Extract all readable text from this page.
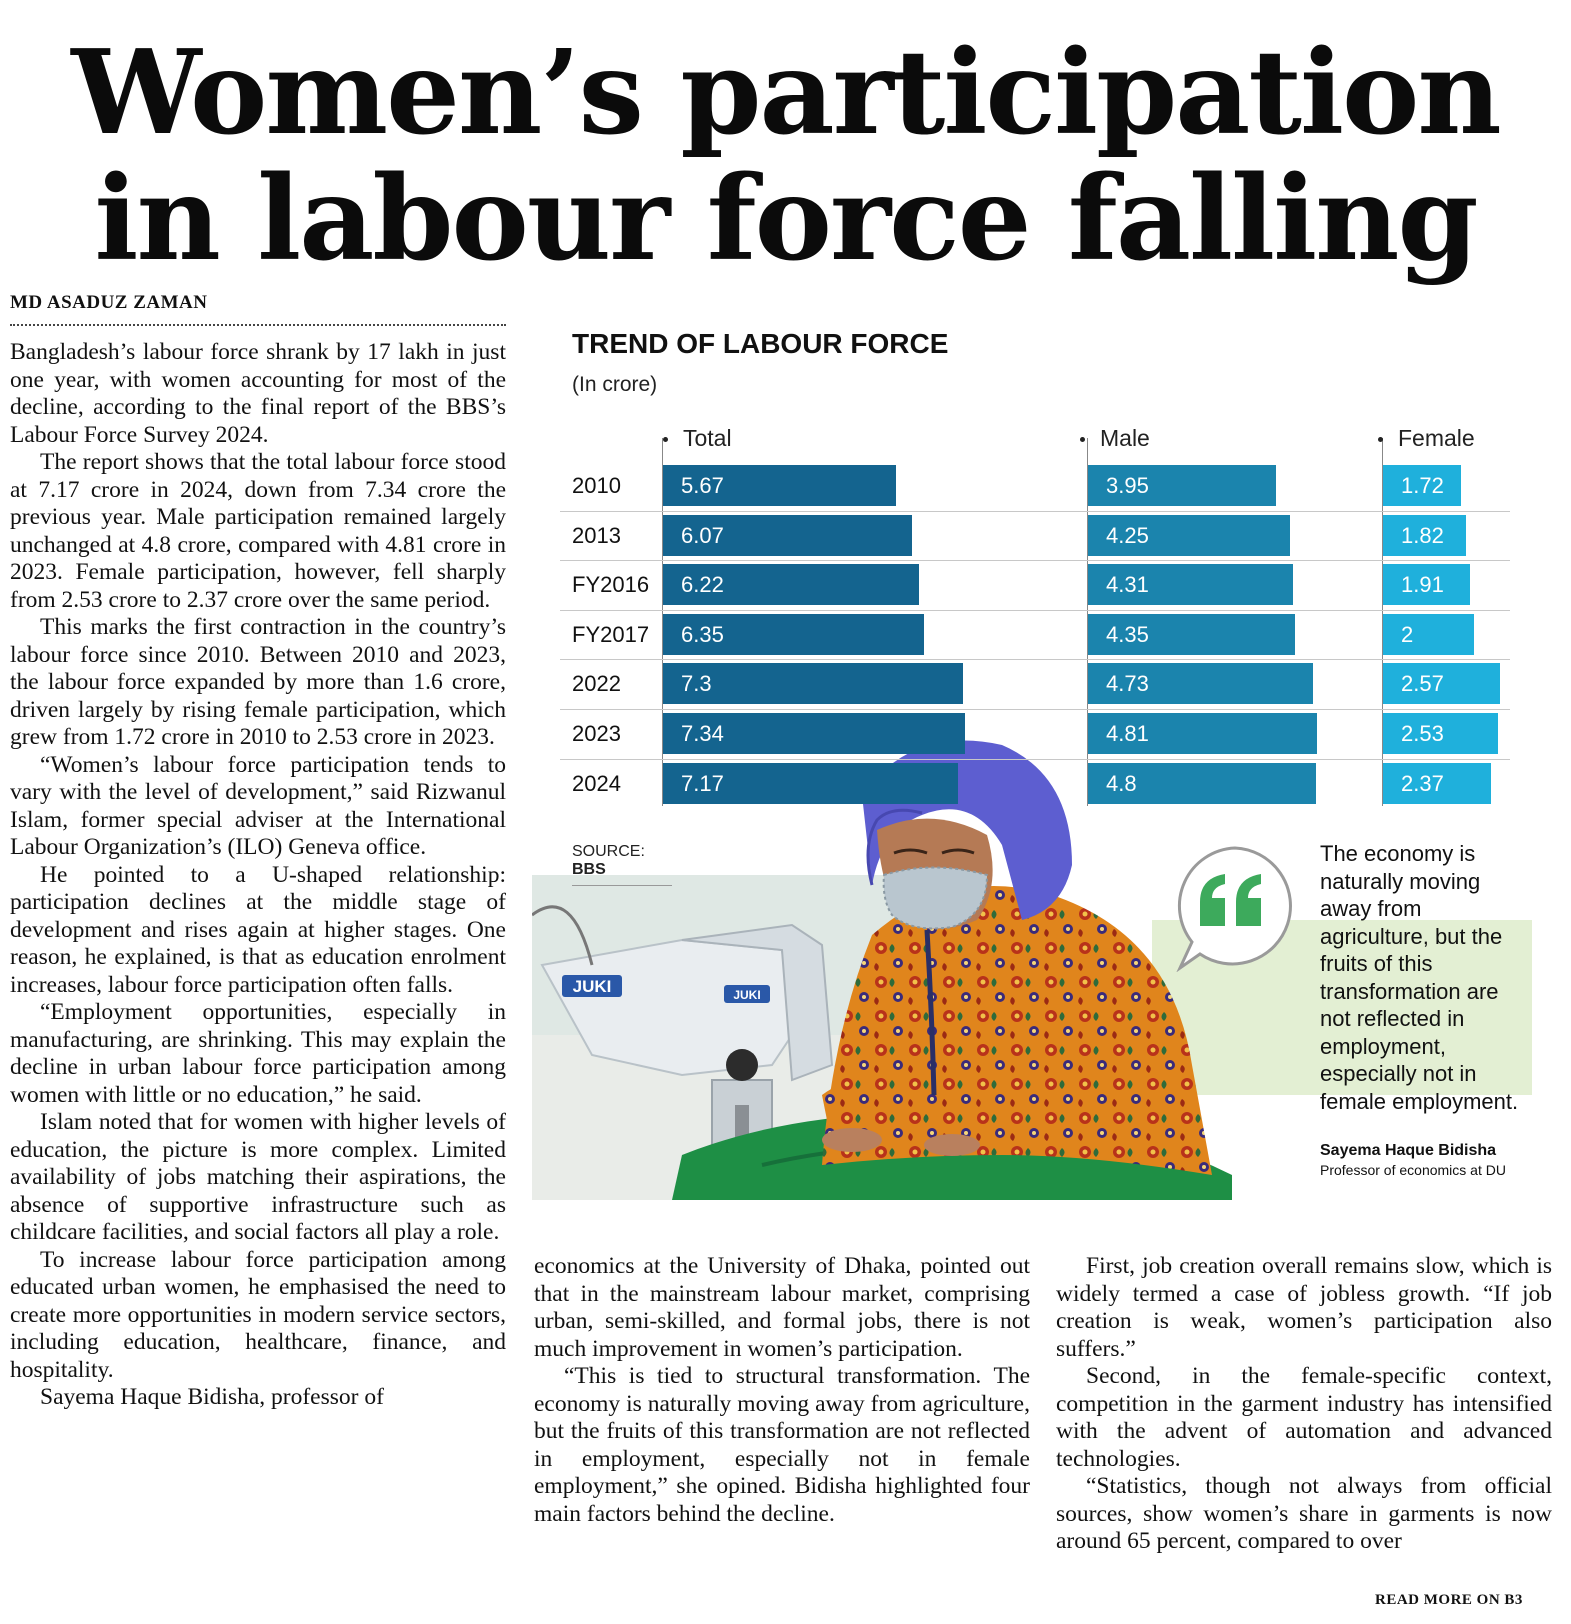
Women’s participation
in labour force falling
MD ASADUZ ZAMAN

Bangladesh’s labour force shrank by 17 lakh in just one year, with women accounting for most of the decline, according to the final report of the BBS’s Labour Force Survey 2024.

The report shows that the total labour force stood at 7.17 crore in 2024, down from 7.34 crore the previous year. Male participation remained largely unchanged at 4.8 crore, compared with 4.81 crore in 2023. Female participation, however, fell sharply from 2.53 crore to 2.37 crore over the same period.

This marks the first contraction in the country’s labour force since 2010. Between 2010 and 2023, the labour force expanded by more than 1.6 crore, driven largely by rising female participation, which grew from 1.72 crore in 2010 to 2.53 crore in 2023.

“Women’s labour force participation tends to vary with the level of development,” said Rizwanul Islam, former special adviser at the International Labour Organization’s (ILO) Geneva office.

He pointed to a U-shaped relationship: participation declines at the middle stage of development and rises again at higher stages. One reason, he explained, is that as education enrolment increases, labour force participation often falls.

“Employment opportunities, especially in manufacturing, are shrinking. This may explain the decline in urban labour force participation among women with little or no education,” he said.

Islam noted that for women with higher levels of education, the picture is more complex. Limited availability of jobs matching their aspirations, the absence of supportive infrastructure such as childcare facilities, and social factors all play a role.

To increase labour force participation among educated urban women, he emphasised the need to create more opportunities in modern service sectors, including education, healthcare, finance, and hospitality.

Sayema Haque Bidisha, professor of

economics at the University of Dhaka, pointed out that in the mainstream labour market, comprising urban, semi-skilled, and formal jobs, there is not much improvement in women’s participation.

“This is tied to structural transformation. The economy is naturally moving away from agriculture, but the fruits of this transformation are not reflected in employment, especially not in female employment,” she opined. Bidisha highlighted four main factors behind the decline.

First, job creation overall remains slow, which is widely termed a case of jobless growth. “If job creation is weak, women’s participation also suffers.”

Second, in the female-specific context, competition in the garment industry has intensified with the advent of automation and advanced technologies.

“Statistics, though not always from official sources, show women’s share in garments is now around 65 percent, compared to over

READ MORE ON B3
JUKI	JUKI
TREND OF LABOUR FORCE
(In crore)
Total	Male	Female
2010	5.67	3.95	1.72
2013	6.07	4.25	1.82
FY2016 6.22	4.31	1.91
FY2017 6.35	4.35	2
2022	7.3	4.73	2.57
2023	7.34	4.81	2.53
2024	7.17	4.8	2.37
SOURCE: BBS
The economy is naturally moving away from agriculture, but the fruits of this transformation are not reflected in employment, especially not in female employment.
Sayema Haque Bidisha
Professor of economics at DU
